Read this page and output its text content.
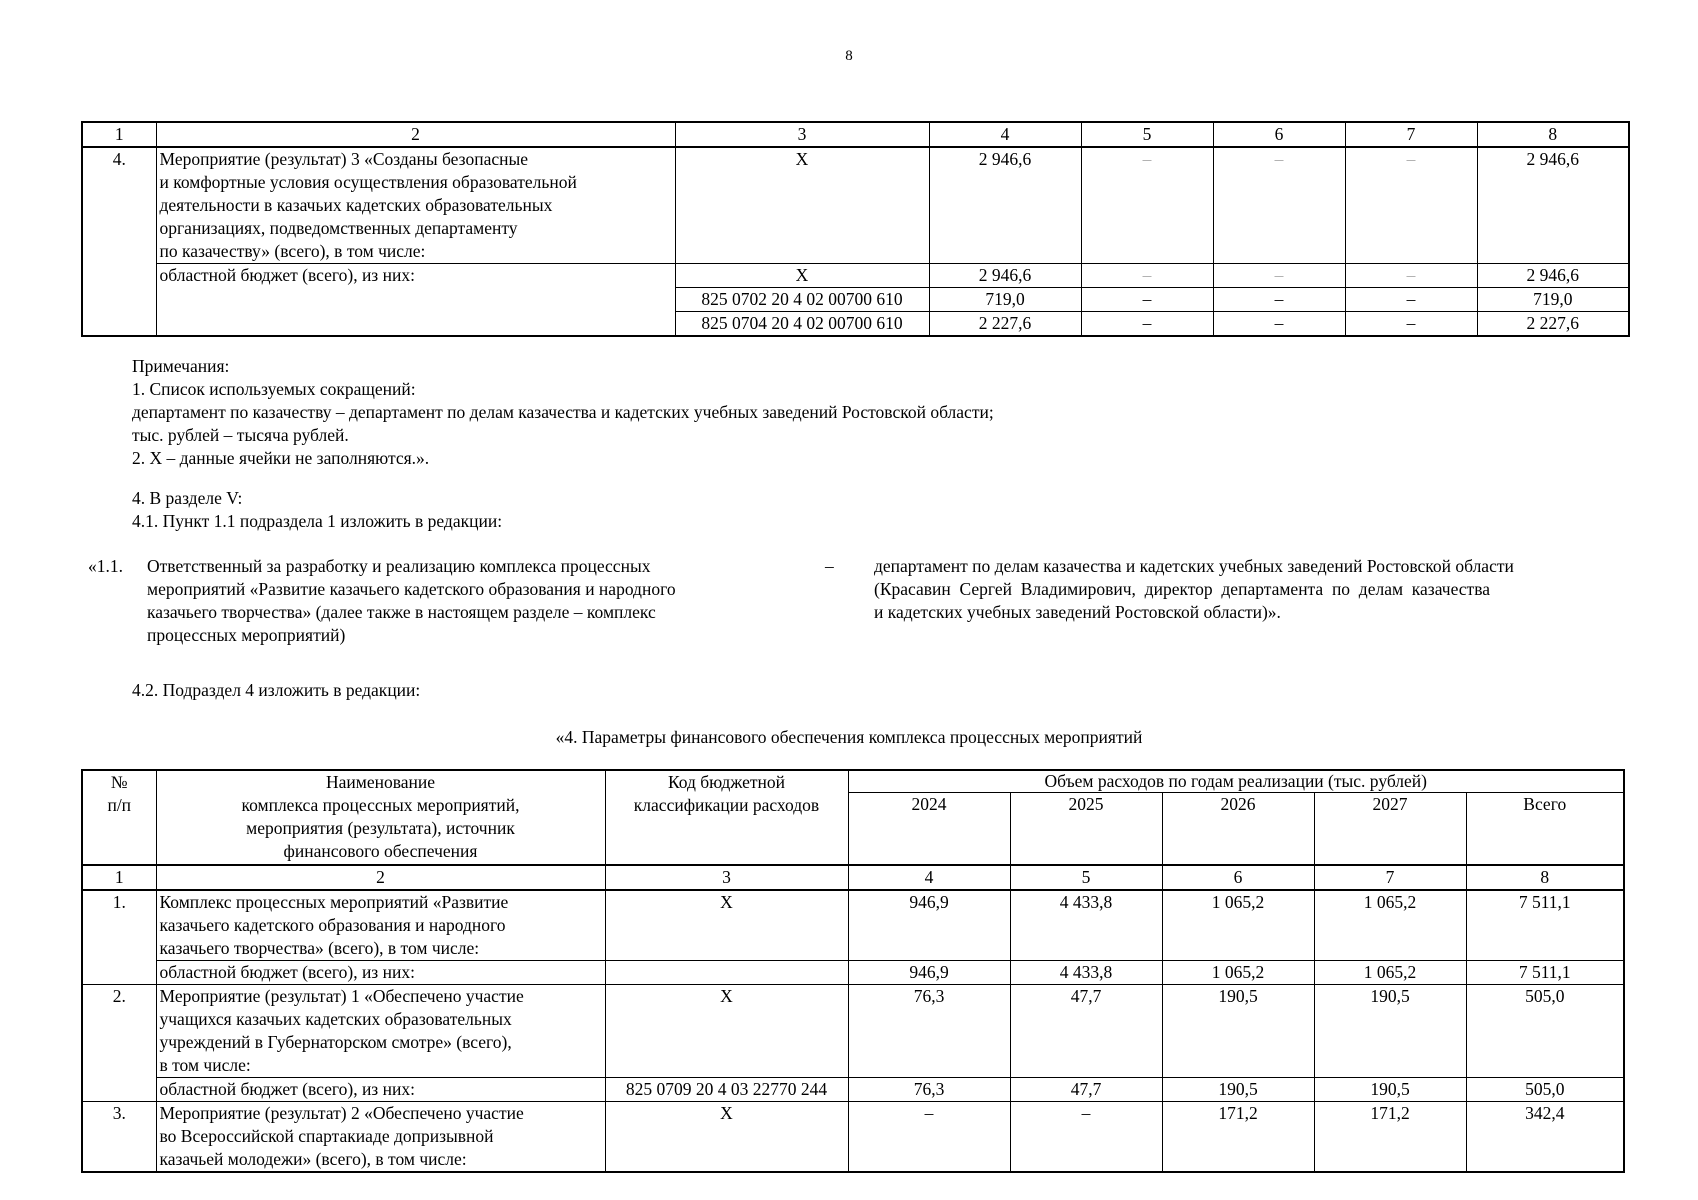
8
1	2	3	4	5	6	7	8
4.	Мероприятие (результат) 3 «Созданы безопасные
и комфортные условия осуществления образовательной
деятельности в казачьих кадетских образовательных
организациях, подведомственных департаменту
по казачеству» (всего), в том числе:	X	2 946,6	–	–	–	2 946,6
	областной бюджет (всего), из них:	X	2 946,6	–	–	–	2 946,6
		825 0702 20 4 02 00700 610	719,0	–	–	–	719,0
		825 0704 20 4 02 00700 610	2 227,6	–	–	–	2 227,6
Примечания:
1. Список используемых сокращений:
департамент по казачеству – департамент по делам казачества и кадетских учебных заведений Ростовской области;
тыс. рублей – тысяча рублей.
2. X – данные ячейки не заполняются.».
4. В разделе V:
4.1. Пункт 1.1 подраздела 1 изложить в редакции:
«1.1. Ответственный за разработку и реализацию комплекса процессных
мероприятий «Развитие казачьего кадетского образования и народного
казачьего творчества» (далее также в настоящем разделе – комплекс
процессных мероприятий)
– департамент по делам казачества и кадетских учебных заведений Ростовской области
(Красавин  Сергей  Владимирович,  директор  департамента  по  делам  казачества
и кадетских учебных заведений Ростовской области)».
4.2. Подраздел 4 изложить в редакции:
«4. Параметры финансового обеспечения комплекса процессных мероприятий
№
п/п	Наименование
комплекса процессных мероприятий,
мероприятия (результата), источник
финансового обеспечения	Код бюджетной
классификации расходов	Объем расходов по годам реализации (тыс. рублей)				
			2024	2025	2026	2027	Всего
1	2	3	4	5	6	7	8
1.	Комплекс процессных мероприятий «Развитие
казачьего кадетского образования и народного
казачьего творчества» (всего), в том числе:	X	946,9	4 433,8	1 065,2	1 065,2	7 511,1
	областной бюджет (всего), из них:		946,9	4 433,8	1 065,2	1 065,2	7 511,1
2.	Мероприятие (результат) 1 «Обеспечено участие
учащихся казачьих кадетских образовательных
учреждений в Губернаторском смотре» (всего),
в том числе:	X	76,3	47,7	190,5	190,5	505,0
	областной бюджет (всего), из них:	825 0709 20 4 03 22770 244	76,3	47,7	190,5	190,5	505,0
3.	Мероприятие (результат) 2 «Обеспечено участие
во Всероссийской спартакиаде допризывной
казачьей молодежи» (всего), в том числе:	X	–	–	171,2	171,2	342,4
